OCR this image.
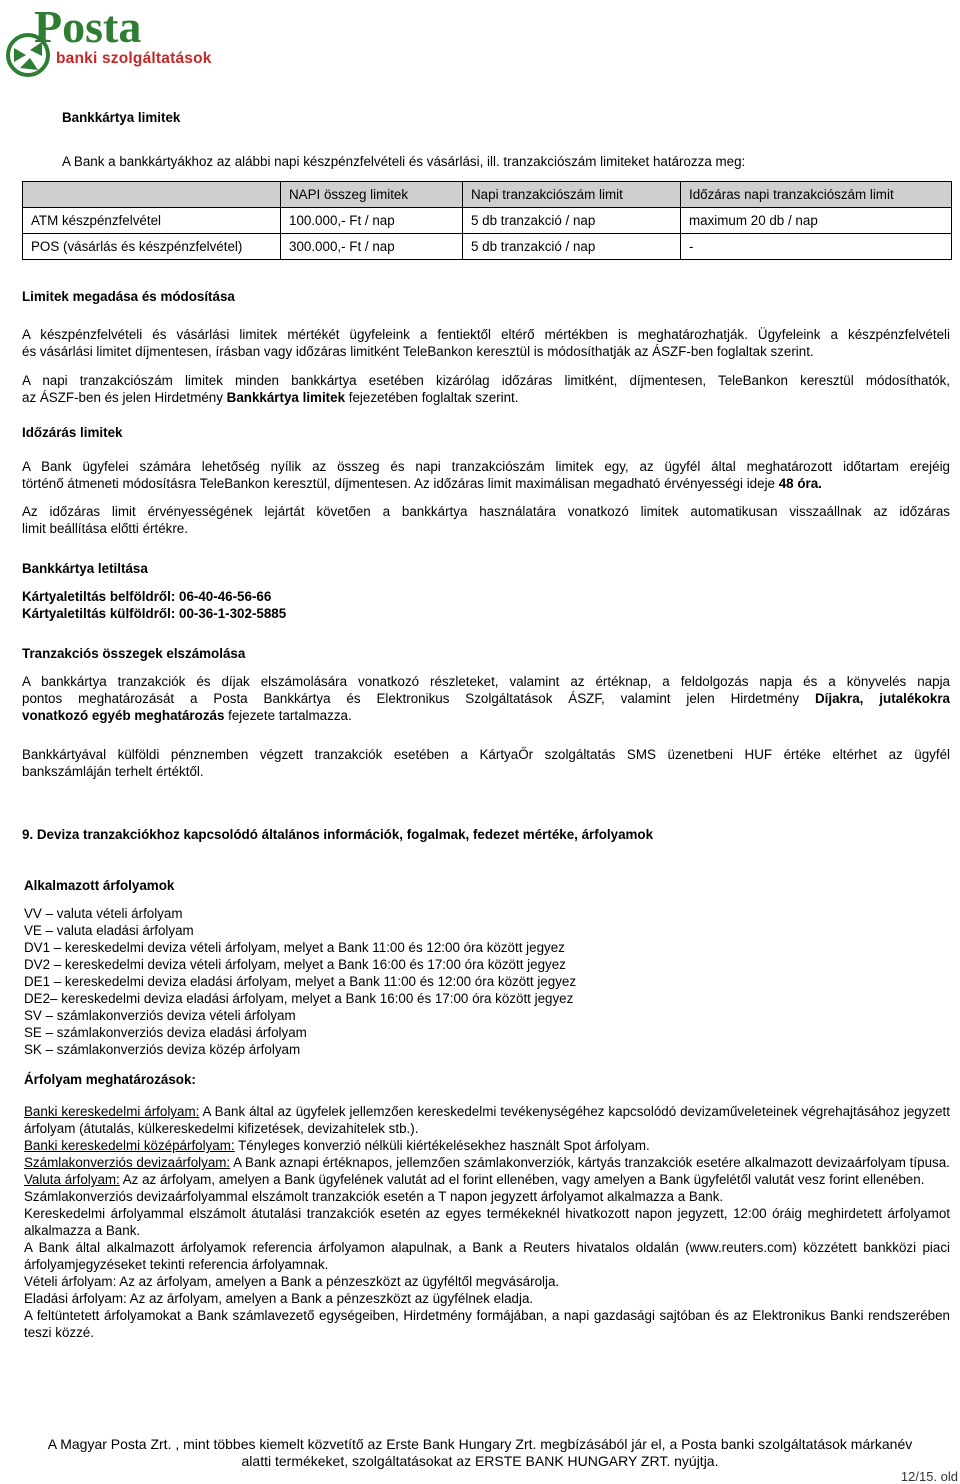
Posta
banki szolgáltatások
Bankkártya limitek
A Bank a bankkártyákhoz az alábbi napi készpénzfelvételi és vásárlási, ill. tranzakciószám limiteket határozza meg:
	NAPI összeg limitek	Napi tranzakciószám limit	Időzáras napi tranzakciószám limit
ATM készpénzfelvétel	100.000,- Ft / nap	5 db tranzakció / nap	maximum 20 db / nap
POS (vásárlás és készpénzfelvétel)	300.000,- Ft / nap	5 db tranzakció / nap	-
Limitek megadása és módosítása
A készpénzfelvételi és vásárlási limitek mértékét ügyfeleink a fentiektől eltérő mértékben is meghatározhatják. Ügyfeleink a készpénzfelvételi
és vásárlási limitet díjmentesen, írásban vagy időzáras limitként TeleBankon keresztül is módosíthatják az ÁSZF-ben foglaltak szerint.
A napi tranzakciószám limitek minden bankkártya esetében kizárólag időzáras limitként, díjmentesen, TeleBankon keresztül módosíthatók,
az ÁSZF-ben és jelen Hirdetmény Bankkártya limitek fejezetében foglaltak szerint.
Időzárás limitek
A Bank ügyfelei számára lehetőség nyílik az összeg és napi tranzakciószám limitek egy, az ügyfél által meghatározott időtartam erejéig
történő átmeneti módosításra TeleBankon keresztül, díjmentesen. Az időzáras limit maximálisan megadható érvényességi ideje 48 óra.
Az időzáras limit érvényességének lejártát követően a bankkártya használatára vonatkozó limitek automatikusan visszaállnak az időzáras
limit beállítása előtti értékre.
Bankkártya letiltása
Kártyaletiltás belföldről: 06-40-46-56-66
Kártyaletiltás külföldről: 00-36-1-302-5885
Tranzakciós összegek elszámolása
A bankkártya tranzakciók és díjak elszámolására vonatkozó részleteket, valamint az értéknap, a feldolgozás napja és a könyvelés napja
pontos meghatározását a Posta Bankkártya és Elektronikus Szolgáltatások ÁSZF, valamint jelen Hirdetmény Díjakra, jutalékokra
vonatkozó egyéb meghatározás fejezete tartalmazza.
Bankkártyával külföldi pénznemben végzett tranzakciók esetében a KártyaŐr szolgáltatás SMS üzenetbeni HUF értéke eltérhet az ügyfél
bankszámláján terhelt értéktől.
9. Deviza tranzakciókhoz kapcsolódó általános információk, fogalmak, fedezet mértéke, árfolyamok
Alkalmazott árfolyamok
VV – valuta vételi árfolyam
VE – valuta eladási árfolyam
DV1 – kereskedelmi deviza vételi árfolyam, melyet a Bank 11:00 és 12:00 óra között jegyez
DV2 – kereskedelmi deviza vételi árfolyam, melyet a Bank 16:00 és 17:00 óra között jegyez
DE1 – kereskedelmi deviza eladási árfolyam, melyet a Bank 11:00 és 12:00 óra között jegyez
DE2– kereskedelmi deviza eladási árfolyam, melyet a Bank 16:00 és 17:00 óra között jegyez
SV – számlakonverziós deviza vételi árfolyam
SE – számlakonverziós deviza eladási árfolyam
SK – számlakonverziós deviza közép árfolyam
Árfolyam meghatározások:

Banki kereskedelmi árfolyam: A Bank által az ügyfelek jellemzően kereskedelmi tevékenységéhez kapcsolódó devizaműveleteinek végrehajtásához jegyzett árfolyam (átutalás, külkereskedelmi kifizetések, devizahitelek stb.).

Banki kereskedelmi középárfolyam: Tényleges konverzió nélküli kiértékelésekhez használt Spot árfolyam.

Számlakonverziós devizaárfolyam: A Bank aznapi értéknapos, jellemzően számlakonverziók, kártyás tranzakciók esetére alkalmazott devizaárfolyam típusa.

Valuta árfolyam: Az az árfolyam, amelyen a Bank ügyfelének valutát ad el forint ellenében, vagy amelyen a Bank ügyfelétől valutát vesz forint ellenében.

Számlakonverziós devizaárfolyammal elszámolt tranzakciók esetén a T napon jegyzett árfolyamot alkalmazza a Bank.

Kereskedelmi árfolyammal elszámolt átutalási tranzakciók esetén az egyes termékeknél hivatkozott napon jegyzett, 12:00 óráig meghirdetett árfolyamot alkalmazza a Bank.

A Bank által alkalmazott árfolyamok referencia árfolyamon alapulnak, a Bank a Reuters hivatalos oldalán (www.reuters.com) közzétett bankközi piaci árfolyamjegyzéseket tekinti referencia árfolyamnak.

Vételi árfolyam: Az az árfolyam, amelyen a Bank a pénzeszközt az ügyféltől megvásárolja.

Eladási árfolyam: Az az árfolyam, amelyen a Bank a pénzeszközt az ügyfélnek eladja.

A feltüntetett árfolyamokat a Bank számlavezető egységeiben, Hirdetmény formájában, a napi gazdasági sajtóban és az Elektronikus Banki rendszerében teszi közzé.

A Magyar Posta Zrt. , mint többes kiemelt közvetítő az Erste Bank Hungary Zrt. megbízásából jár el, a Posta banki szolgáltatások márkanév
alatti termékeket, szolgáltatásokat az ERSTE BANK HUNGARY ZRT. nyújtja.
12/15. old
